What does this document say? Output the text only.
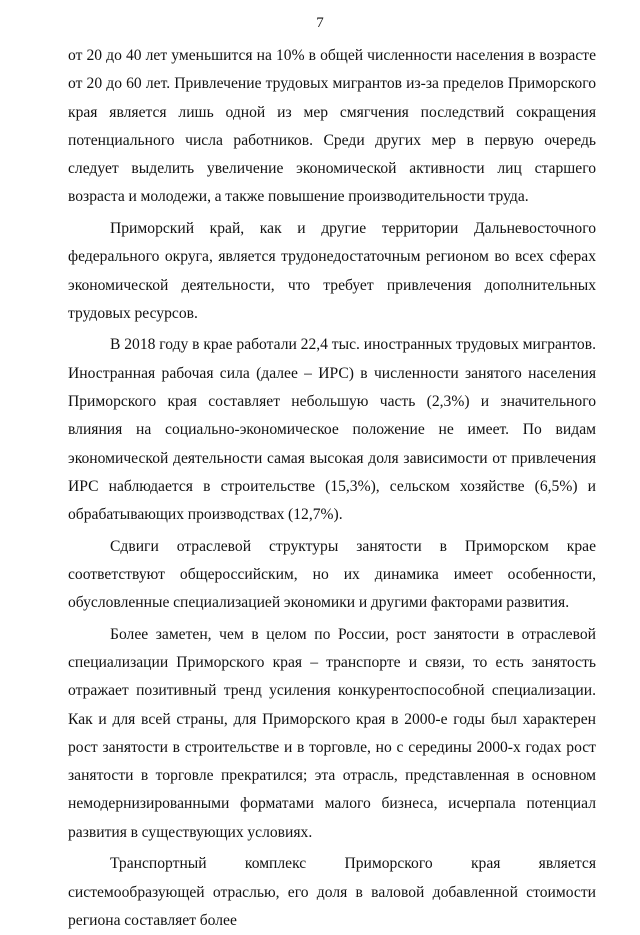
7

от 20 до 40 лет уменьшится на 10% в общей численности населения в возрасте от 20 до 60 лет. Привлечение трудовых мигрантов из-за пределов Приморского края является лишь одной из мер смягчения последствий сокращения потенциального числа работников. Среди других мер в первую очередь следует выделить увеличение экономической активности лиц старшего возраста и молодежи, а также повышение производительности труда.

Приморский край, как и другие территории Дальневосточного федерального округа, является трудонедостаточным регионом во всех сферах экономической деятельности, что требует привлечения дополнительных трудовых ресурсов.

В 2018 году в крае работали 22,4 тыс. иностранных трудовых мигрантов. Иностранная рабочая сила (далее – ИРС) в численности занятого населения Приморского края составляет небольшую часть (2,3%) и значительного влияния на социально-экономическое положение не имеет. По видам экономической деятельности самая высокая доля зависимости от привлечения ИРС наблюдается в строительстве (15,3%), сельском хозяйстве (6,5%) и обрабатывающих производствах (12,7%).

Сдвиги отраслевой структуры занятости в Приморском крае соответствуют общероссийским, но их динамика имеет особенности, обусловленные специализацией экономики и другими факторами развития.

Более заметен, чем в целом по России, рост занятости в отраслевой специализации Приморского края – транспорте и связи, то есть занятость отражает позитивный тренд усиления конкурентоспособной специализации. Как и для всей страны, для Приморского края в 2000-е годы был характерен рост занятости в строительстве и в торговле, но с середины 2000-х годах рост занятости в торговле прекратился; эта отрасль, представленная в основном немодернизированными форматами малого бизнеса, исчерпала потенциал развития в существующих условиях.

Транспортный комплекс Приморского края является системообразующей отраслью, его доля в валовой добавленной стоимости региона составляет более
